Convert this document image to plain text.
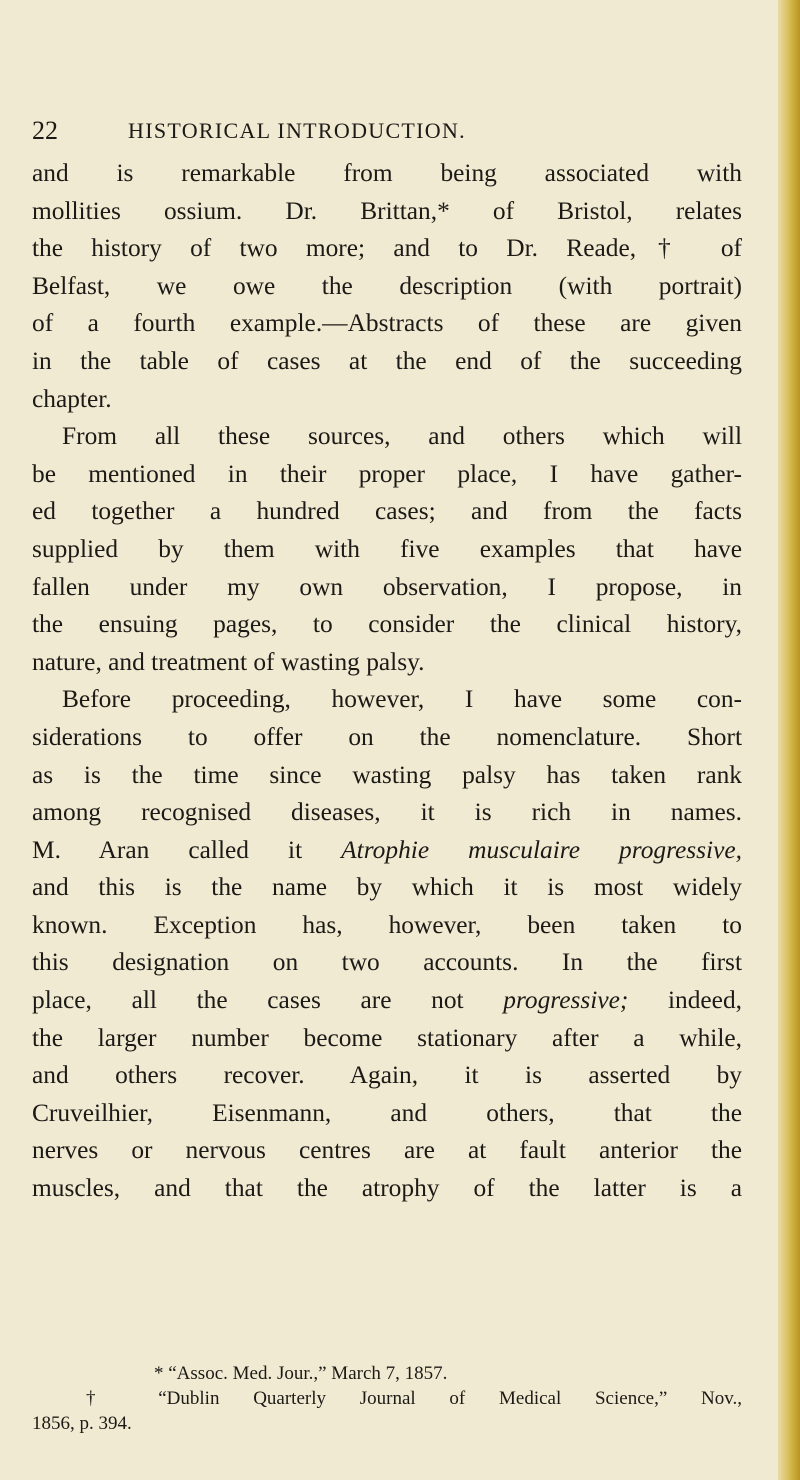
22	HISTORICAL INTRODUCTION.
and is remarkable from being associated with
mollities ossium. Dr. Brittan,* of Bristol, relates
the history of two more; and to Dr. Reade,† of
Belfast, we owe the description (with portrait)
of a fourth example.—Abstracts of these are given
in the table of cases at the end of the succeeding
chapter.
From all these sources, and others which will
be mentioned in their proper place, I have gather-
ed together a hundred cases; and from the facts
supplied by them with five examples that have
fallen under my own observation, I propose, in
the ensuing pages, to consider the clinical history,
nature, and treatment of wasting palsy.
Before proceeding, however, I have some con-
siderations to offer on the nomenclature. Short
as is the time since wasting palsy has taken rank
among recognised diseases, it is rich in names.
M. Aran called it Atrophie musculaire progressive,
and this is the name by which it is most widely
known. Exception has, however, been taken to
this designation on two accounts. In the first
place, all the cases are not progressive; indeed,
the larger number become stationary after a while,
and others recover. Again, it is asserted by
Cruveilhier, Eisenmann, and others, that the
nerves or nervous centres are at fault anterior the
muscles, and that the atrophy of the latter is a
* “Assoc. Med. Jour.,” March 7, 1857.
† “Dublin Quarterly Journal of Medical Science,” Nov.,
1856, p. 394.
